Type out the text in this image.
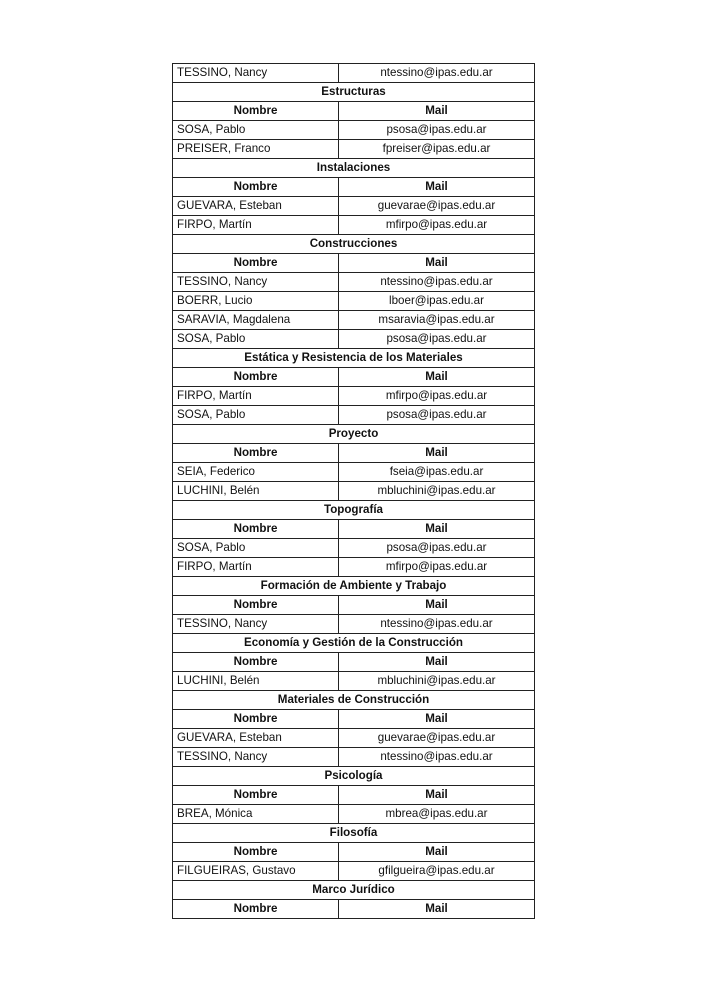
TESSINO, Nancy	ntessino@ipas.edu.ar
Estructuras	
Nombre	Mail
SOSA, Pablo	psosa@ipas.edu.ar
PREISER, Franco	fpreiser@ipas.edu.ar
Instalaciones	
Nombre	Mail
GUEVARA, Esteban	guevarae@ipas.edu.ar
FIRPO, Martín	mfirpo@ipas.edu.ar
Construcciones	
Nombre	Mail
TESSINO, Nancy	ntessino@ipas.edu.ar
BOERR, Lucio	lboer@ipas.edu.ar
SARAVIA, Magdalena	msaravia@ipas.edu.ar
SOSA, Pablo	psosa@ipas.edu.ar
Estática y Resistencia de los Materiales	
Nombre	Mail
FIRPO, Martín	mfirpo@ipas.edu.ar
SOSA, Pablo	psosa@ipas.edu.ar
Proyecto	
Nombre	Mail
SEIA, Federico	fseia@ipas.edu.ar
LUCHINI, Belén	mbluchini@ipas.edu.ar
Topografía	
Nombre	Mail
SOSA, Pablo	psosa@ipas.edu.ar
FIRPO, Martín	mfirpo@ipas.edu.ar
Formación de Ambiente y Trabajo	
Nombre	Mail
TESSINO, Nancy	ntessino@ipas.edu.ar
Economía y Gestión de la Construcción	
Nombre	Mail
LUCHINI, Belén	mbluchini@ipas.edu.ar
Materiales de Construcción	
Nombre	Mail
GUEVARA, Esteban	guevarae@ipas.edu.ar
TESSINO, Nancy	ntessino@ipas.edu.ar
Psicología	
Nombre	Mail
BREA, Mónica	mbrea@ipas.edu.ar
Filosofía	
Nombre	Mail
FILGUEIRAS, Gustavo	gfilgueira@ipas.edu.ar
Marco Jurídico	
Nombre	Mail
